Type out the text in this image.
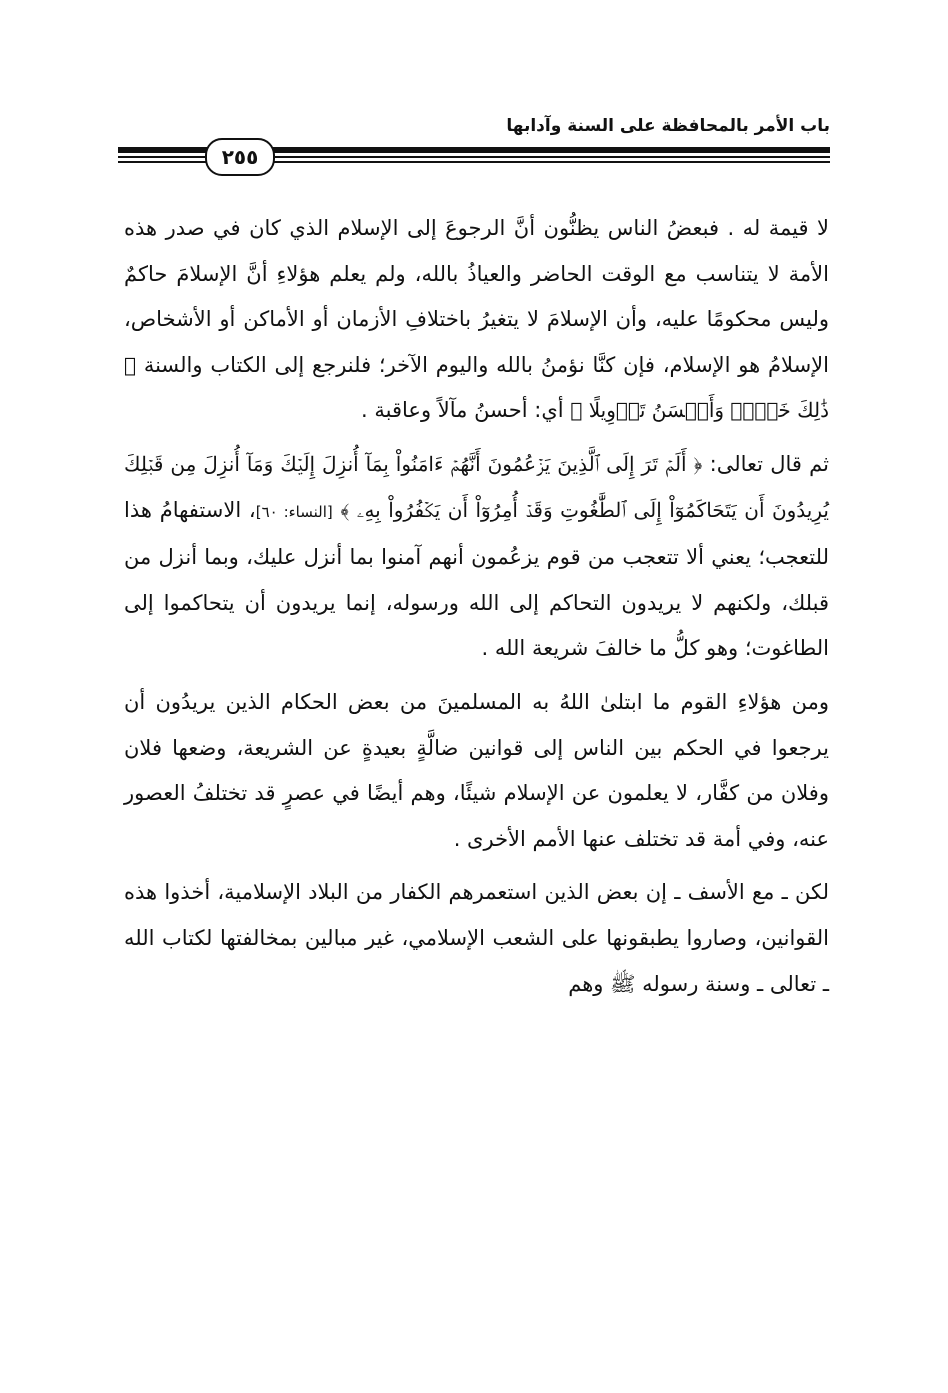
باب الأمر بالمحافظة على السنة وآدابها
٢٥٥

لا قيمة له . فبعضُ الناس يظنُّون أنَّ الرجوعَ إلى الإسلام الذي كان في صدر هذه الأمة لا يتناسب مع الوقت الحاضر والعياذُ بالله، ولم يعلم هؤلاءِ أنَّ الإسلامَ حاكمٌ وليس محكومًا عليه، وأن الإسلامَ لا يتغيرُ باختلافِ الأزمان أو الأماكن أو الأشخاص، الإسلامُ هو الإسلام، فإن كنَّا نؤمنُ بالله واليوم الآخر؛ فلنرجع إلى الكتاب والسنة ﴿ ذَٰلِكَ خَيۡرٞ وَأَحۡسَنُ تَأۡوِيلًا ﴾ أي: أحسنُ مآلاً وعاقبة .

ثم قال تعالى: ﴿ أَلَمۡ تَرَ إِلَى ٱلَّذِينَ يَزۡعُمُونَ أَنَّهُمۡ ءَامَنُواْ بِمَآ أُنزِلَ إِلَيۡكَ وَمَآ أُنزِلَ مِن قَبۡلِكَ يُرِيدُونَ أَن يَتَحَاكَمُوٓاْ إِلَى ٱلطَّٰغُوتِ وَقَدۡ أُمِرُوٓاْ أَن يَكۡفُرُواْ بِهِۦ ﴾ [النساء: ٦٠]، الاستفهامُ هذا للتعجب؛ يعني ألا تتعجب من قوم يزعُمون أنهم آمنوا بما أنزل عليك، وبما أنزل من قبلك، ولكنهم لا يريدون التحاكم إلى الله ورسوله، إنما يريدون أن يتحاكموا إلى الطاغوت؛ وهو كلُّ ما خالفَ شريعة الله .

ومن هؤلاءِ القوم ما ابتلىٰ اللهُ به المسلمينَ من بعض الحكام الذين يريدُون أن يرجعوا في الحكم بين الناس إلى قوانين ضالَّةٍ بعيدةٍ عن الشريعة، وضعها فلان وفلان من كفَّار، لا يعلمون عن الإسلام شيئًا، وهم أيضًا في عصرٍ قد تختلفُ العصور عنه، وفي أمة قد تختلف عنها الأمم الأخرى .

لكن ـ مع الأسف ـ إن بعض الذين استعمرهم الكفار من البلاد الإسلامية، أخذوا هذه القوانين، وصاروا يطبقونها على الشعب الإسلامي، غير مبالين بمخالفتها لكتاب الله ـ تعالى ـ وسنة رسوله ﷺ وهم
